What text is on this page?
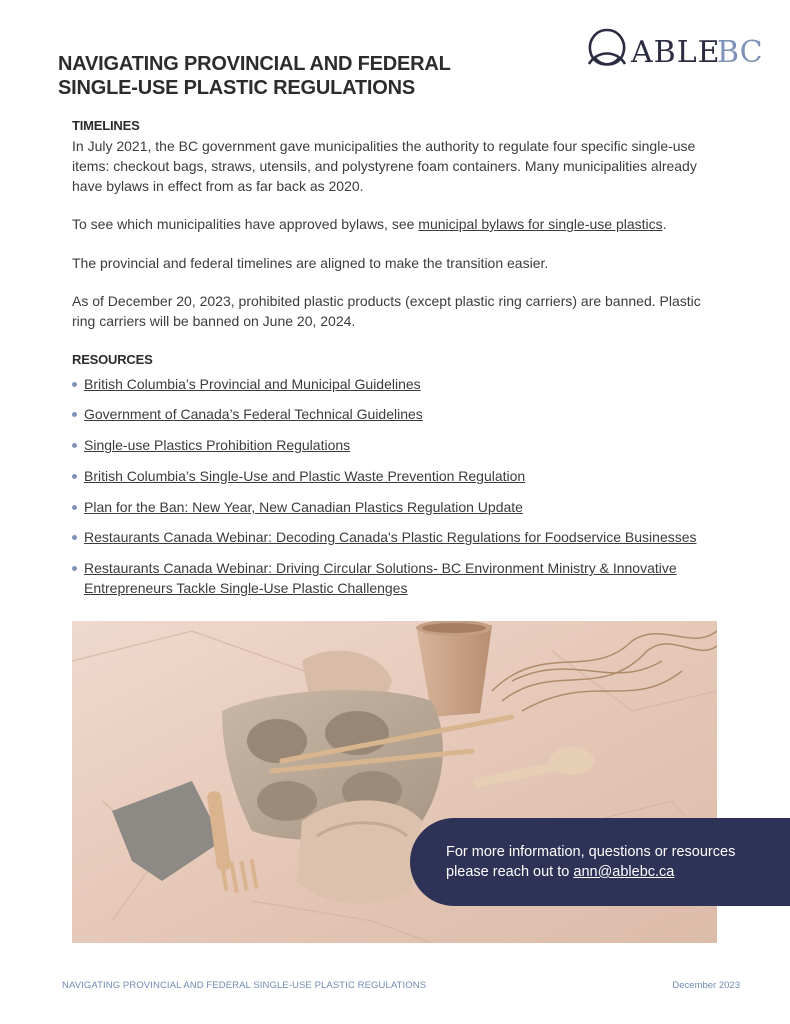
NAVIGATING PROVINCIAL AND FEDERAL
SINGLE-USE PLASTIC REGULATIONS
ABLE
BC
TIMELINES
In July 2021, the BC government gave municipalities the authority to regulate four specific single-use items: checkout bags, straws, utensils, and polystyrene foam containers. Many municipalities already have bylaws in effect from as far back as 2020.
To see which municipalities have approved bylaws, see municipal bylaws for single-use plastics.
The provincial and federal timelines are aligned to make the transition easier.
As of December 20, 2023, prohibited plastic products (except plastic ring carriers) are banned. Plastic ring carriers will be banned on June 20, 2024.
RESOURCES
British Columbia’s Provincial and Municipal Guidelines
Government of Canada’s Federal Technical Guidelines
Single-use Plastics Prohibition Regulations
British Columbia’s Single-Use and Plastic Waste Prevention Regulation
Plan for the Ban: New Year, New Canadian Plastics Regulation Update
Restaurants Canada Webinar: Decoding Canada's Plastic Regulations for Foodservice Businesses
Restaurants Canada Webinar: Driving Circular Solutions- BC Environment Ministry & Innovative Entrepreneurs Tackle Single-Use Plastic Challenges
For more information, questions or resources
please reach out to ann@ablebc.ca
NAVIGATING PROVINCIAL AND FEDERAL SINGLE-USE PLASTIC REGULATIONS	December 2023
